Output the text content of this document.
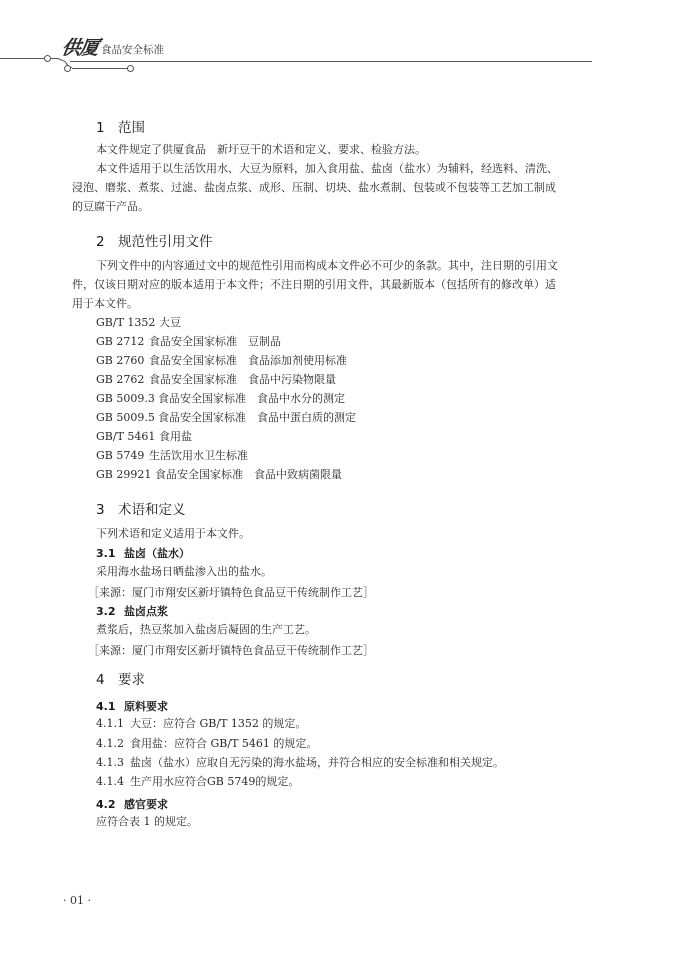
供厦 食品安全标准
1 范围
本文件规定了供厦食品　新圩豆干的术语和定义、要求、检验方法。
本文件适用于以生活饮用水、大豆为原料，加入食用盐、盐卤（盐水）为辅料，经选料、清洗、
浸泡、磨浆、煮浆、过滤、盐卤点浆、成形、压制、切块、盐水煮制、包装或不包装等工艺加工制成
的豆腐干产品。
2 规范性引用文件
下列文件中的内容通过文中的规范性引用而构成本文件必不可少的条款。其中，注日期的引用文
件，仅该日期对应的版本适用于本文件；不注日期的引用文件，其最新版本（包括所有的修改单）适
用于本文件。
GB/T 1352 大豆
GB 2712 食品安全国家标准　豆制品
GB 2760 食品安全国家标准　食品添加剂使用标准
GB 2762 食品安全国家标准　食品中污染物限量
GB 5009.3 食品安全国家标准　食品中水分的测定
GB 5009.5 食品安全国家标准　食品中蛋白质的测定
GB/T 5461 食用盐
GB 5749 生活饮用水卫生标准
GB 29921 食品安全国家标准　食品中致病菌限量
3 术语和定义
下列术语和定义适用于本文件。
3.1 盐卤（盐水）
采用海水盐场日晒盐渗入出的盐水。
［来源：厦门市翔安区新圩镇特色食品豆干传统制作工艺］
3.2 盐卤点浆
煮浆后，热豆浆加入盐卤后凝固的生产工艺。
［来源：厦门市翔安区新圩镇特色食品豆干传统制作工艺］
4 要求
4.1 原料要求
4.1.1 大豆：应符合 GB/T 1352 的规定。
4.1.2 食用盐：应符合 GB/T 5461 的规定。
4.1.3 盐卤（盐水）应取自无污染的海水盐场，并符合相应的安全标准和相关规定。
4.1.4 生产用水应符合GB 5749的规定。
4.2 感官要求
应符合表 1 的规定。
· 01 ·
